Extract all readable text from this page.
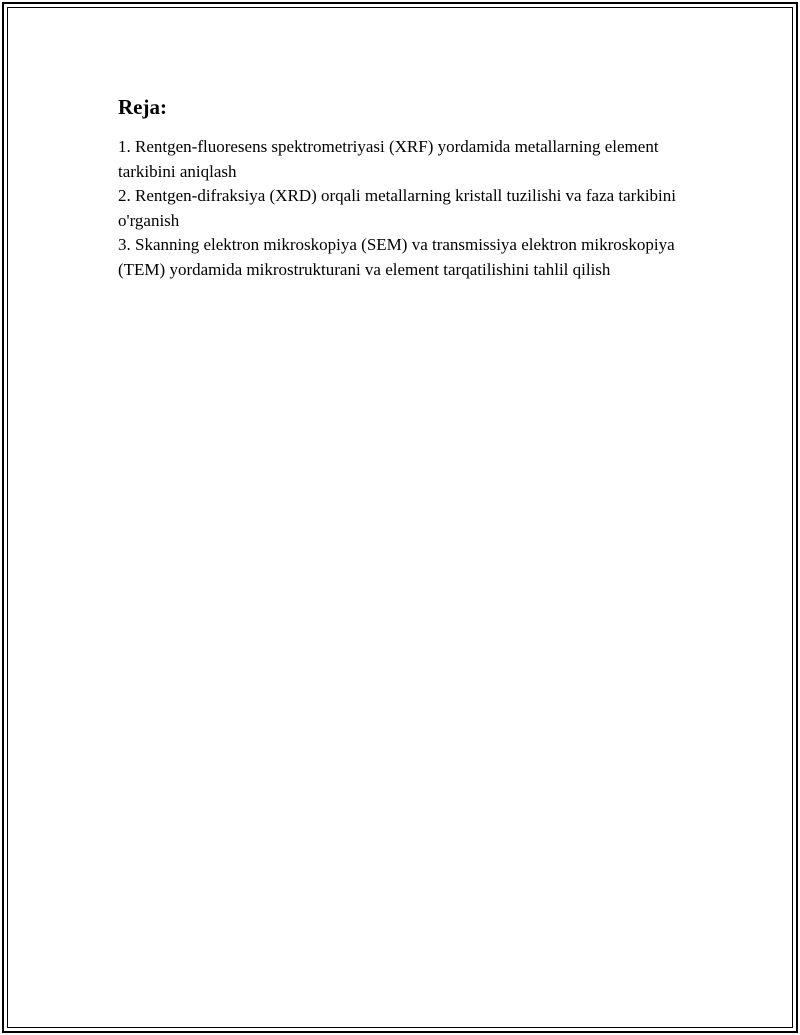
Reja:
1. Rentgen-fluoresens spektrometriyasi (XRF) yordamida metallarning element tarkibini aniqlash
2. Rentgen-difraksiya (XRD) orqali metallarning kristall tuzilishi va faza tarkibini o'rganish
3. Skanning elektron mikroskopiya (SEM) va transmissiya elektron mikroskopiya (TEM) yordamida mikrostrukturani va element tarqatilishini tahlil qilish
